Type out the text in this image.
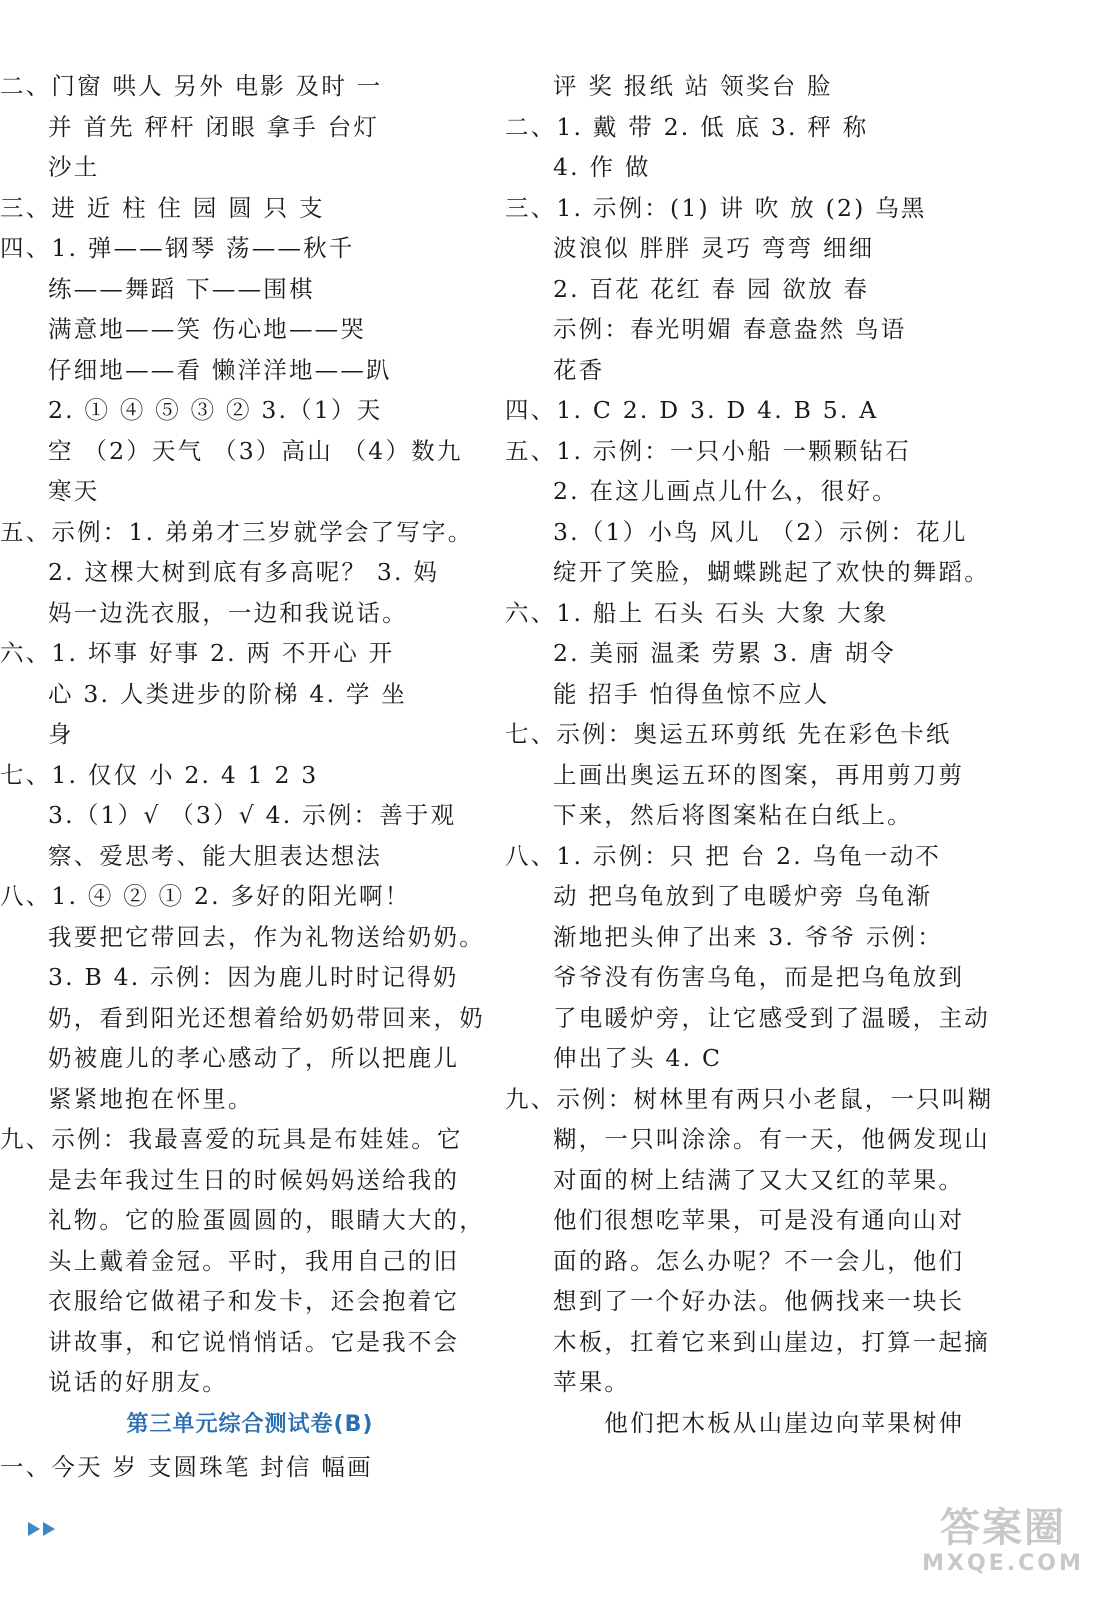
二、门窗 哄人 另外 电影 及时 一
并 首先 秤杆 闭眼 拿手 台灯
沙土
三、进 近 柱 住 园 圆 只 支
四、1. 弹——钢琴 荡——秋千
练——舞蹈 下——围棋
满意地——笑 伤心地——哭
仔细地——看 懒洋洋地——趴
2. ① ④ ⑤ ③ ② 3.（1）天
空 （2）天气 （3）高山 （4）数九
寒天
五、示例：1. 弟弟才三岁就学会了写字。
2. 这棵大树到底有多高呢？ 3. 妈
妈一边洗衣服，一边和我说话。
六、1. 坏事 好事 2. 两 不开心 开
心 3. 人类进步的阶梯 4. 学 坐
身
七、1. 仅仅 小 2. 4 1 2 3
3.（1）√ （3）√ 4. 示例：善于观
察、爱思考、能大胆表达想法
八、1. ④ ② ① 2. 多好的阳光啊！
我要把它带回去，作为礼物送给奶奶。
3. B 4. 示例：因为鹿儿时时记得奶
奶，看到阳光还想着给奶奶带回来，奶
奶被鹿儿的孝心感动了，所以把鹿儿
紧紧地抱在怀里。
九、示例：我最喜爱的玩具是布娃娃。它
是去年我过生日的时候妈妈送给我的
礼物。它的脸蛋圆圆的，眼睛大大的，
头上戴着金冠。平时，我用自己的旧
衣服给它做裙子和发卡，还会抱着它
讲故事，和它说悄悄话。它是我不会
说话的好朋友。
第三单元综合测试卷(B)
一、今天 岁 支圆珠笔 封信 幅画
评 奖 报纸 站 领奖台 脸
二、1. 戴 带 2. 低 底 3. 秤 称
4. 作 做
三、1. 示例：(1) 讲 吹 放 (2) 乌黑
波浪似 胖胖 灵巧 弯弯 细细
2. 百花 花红 春 园 欲放 春
示例：春光明媚 春意盎然 鸟语
花香
四、1. C 2. D 3. D 4. B 5. A
五、1. 示例：一只小船 一颗颗钻石
2. 在这儿画点儿什么，很好。
3.（1）小鸟 风儿 （2）示例：花儿
绽开了笑脸，蝴蝶跳起了欢快的舞蹈。
六、1. 船上 石头 石头 大象 大象
2. 美丽 温柔 劳累 3. 唐 胡令
能 招手 怕得鱼惊不应人
七、示例：奥运五环剪纸 先在彩色卡纸
上画出奥运五环的图案，再用剪刀剪
下来，然后将图案粘在白纸上。
八、1. 示例：只 把 台 2. 乌龟一动不
动 把乌龟放到了电暖炉旁 乌龟渐
渐地把头伸了出来 3. 爷爷 示例：
爷爷没有伤害乌龟，而是把乌龟放到
了电暖炉旁，让它感受到了温暖，主动
伸出了头 4. C
九、示例：树林里有两只小老鼠，一只叫糊
糊，一只叫涂涂。有一天，他俩发现山
对面的树上结满了又大又红的苹果。
他们很想吃苹果，可是没有通向山对
面的路。怎么办呢？不一会儿，他们
想到了一个好办法。他俩找来一块长
木板，扛着它来到山崖边，打算一起摘
苹果。
　　他们把木板从山崖边向苹果树伸
答案圈
MXQE.COM
